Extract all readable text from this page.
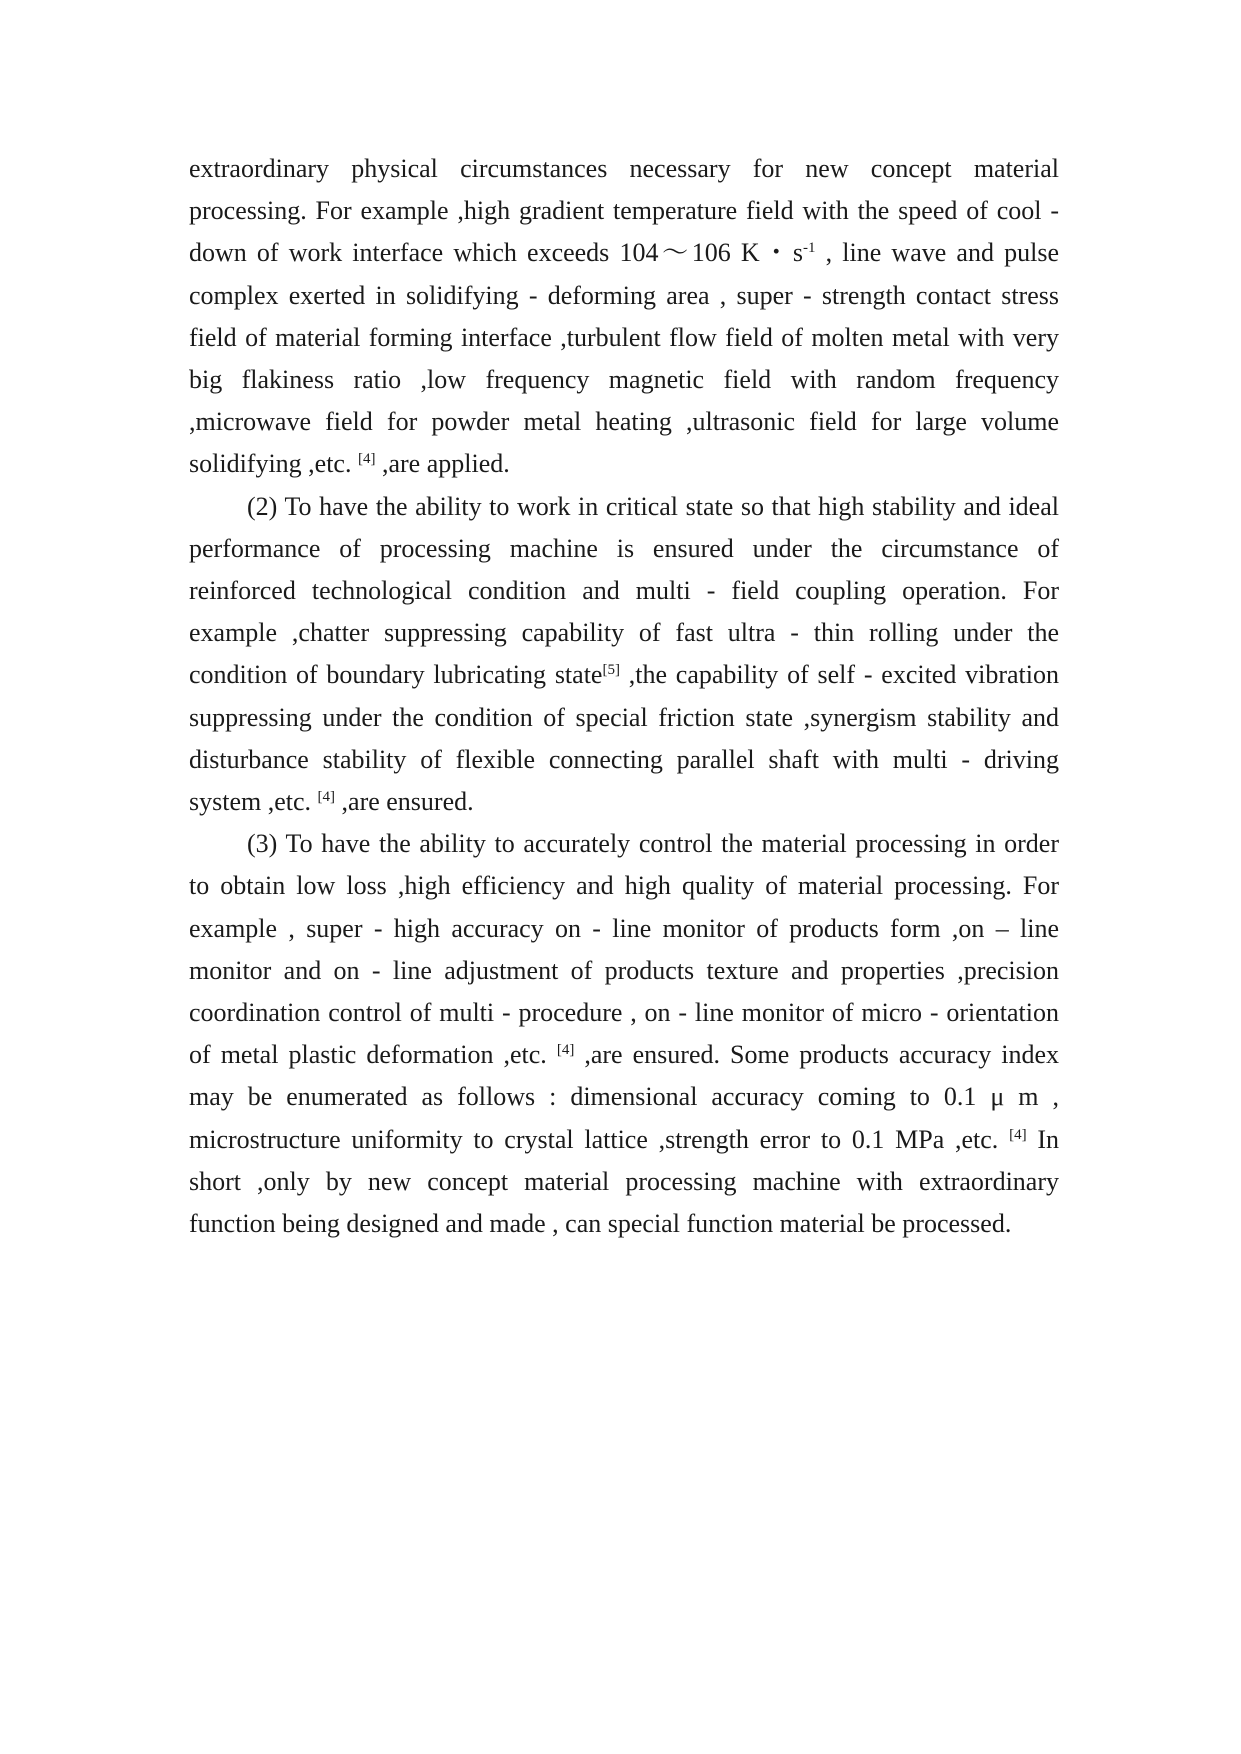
extraordinary physical circumstances necessary for new concept material processing. For example ,high gradient temperature field with the speed of cool - down of work interface which exceeds 104～106 K・$s^{-1}$ , line wave and pulse complex exerted in solidifying - deforming area , super - strength contact stress field of material forming interface ,turbulent flow field of molten metal with very big flakiness ratio ,low frequency magnetic field with random frequency ,microwave field for powder metal heating ,ultrasonic field for large volume solidifying ,etc. [4] ,are applied.

(2) To have the ability to work in critical state so that high stability and ideal performance of processing machine is ensured under the circumstance of reinforced technological condition and multi - field coupling operation. For example ,chatter suppressing capability of fast ultra - thin rolling under the condition of boundary lubricating state[5] ,the capability of self - excited vibration suppressing under the condition of special friction state ,synergism stability and disturbance stability of flexible connecting parallel shaft with multi - driving system ,etc. [4] ,are ensured.

(3) To have the ability to accurately control the material processing in order to obtain low loss ,high efficiency and high quality of material processing. For example , super - high accuracy on - line monitor of products form ,on – line monitor and on - line adjustment of products texture and properties ,precision coordination control of multi - procedure , on - line monitor of micro - orientation of metal plastic deformation ,etc. [4] ,are ensured. Some products accuracy index may be enumerated as follows : dimensional accuracy coming to 0.1 μ m , microstructure uniformity to crystal lattice ,strength error to 0.1 MPa ,etc. [4] In short ,only by new concept material processing machine with extraordinary function being designed and made , can special function material be processed.
